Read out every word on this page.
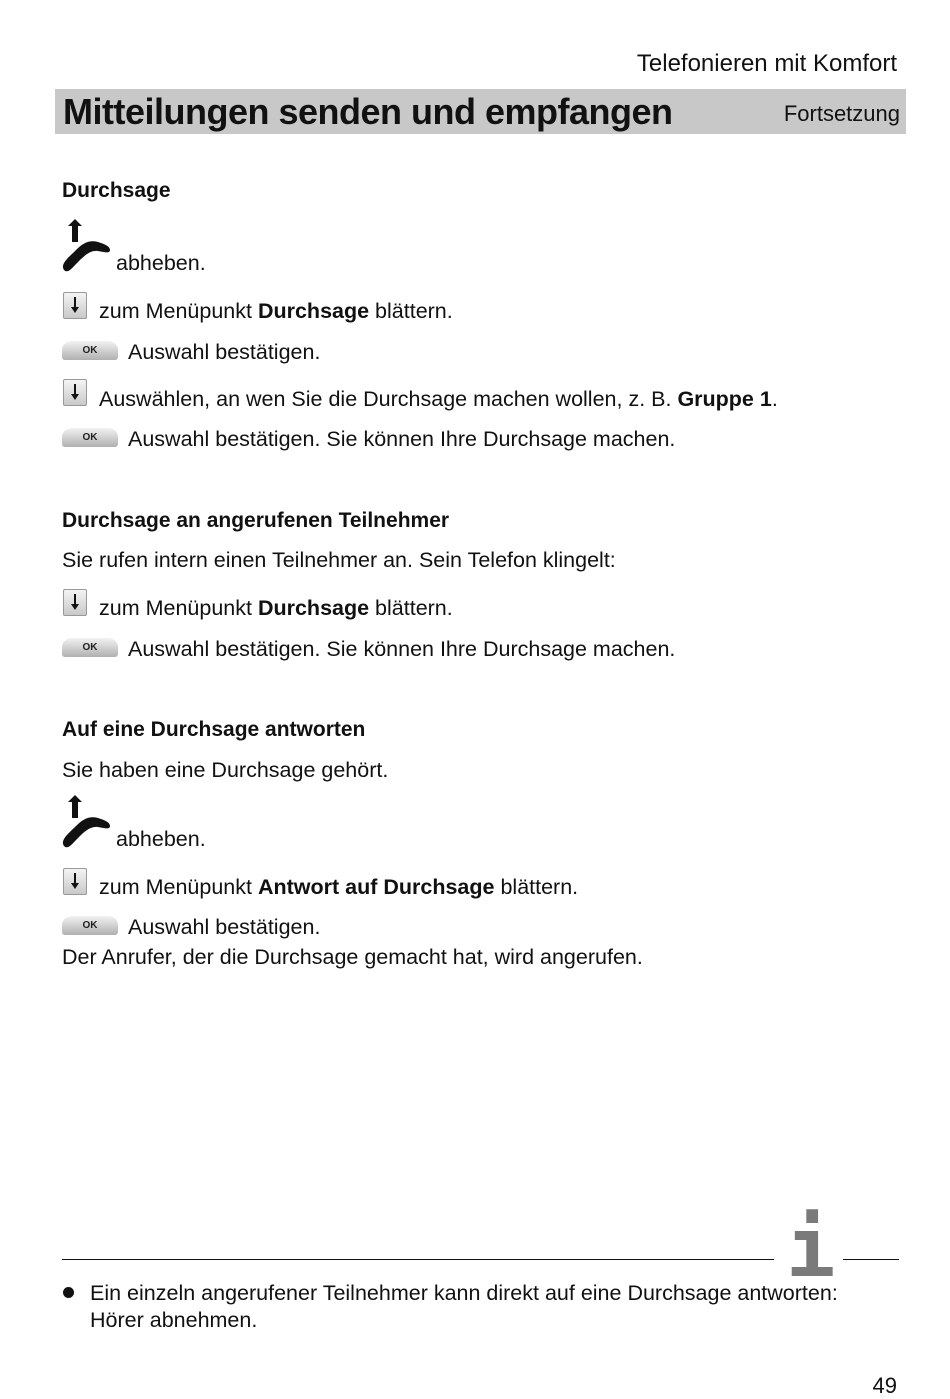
Telefonieren mit Komfort
Mitteilungen senden und empfangen	Fortsetzung
Durchsage
abheben.
zum Menüpunkt Durchsage blättern.
OK	Auswahl bestätigen.
Auswählen, an wen Sie die Durchsage machen wollen, z. B. Gruppe 1.
OK	Auswahl bestätigen. Sie können Ihre Durchsage machen.
Durchsage an angerufenen Teilnehmer
Sie rufen intern einen Teilnehmer an. Sein Telefon klingelt:
zum Menüpunkt Durchsage blättern.
OK	Auswahl bestätigen. Sie können Ihre Durchsage machen.
Auf eine Durchsage antworten
Sie haben eine Durchsage gehört.
abheben.
zum Menüpunkt Antwort auf Durchsage blättern.
OK	Auswahl bestätigen.
Der Anrufer, der die Durchsage gemacht hat, wird angerufen.
i
Ein einzeln angerufener Teilnehmer kann direkt auf eine Durchsage antworten: Hörer abnehmen.
49
